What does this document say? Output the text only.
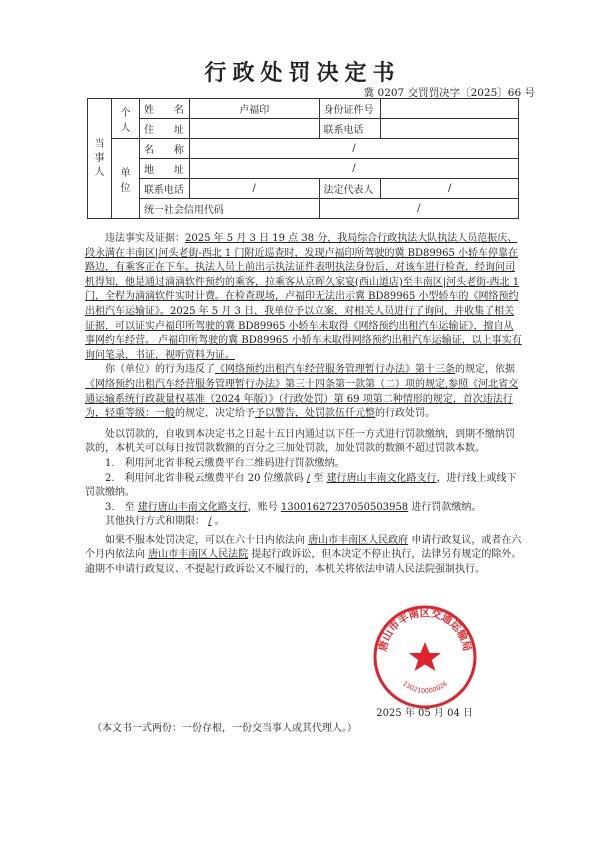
行政处罚决定书
冀 0207 交罚罚决字〔2025〕66 号
当事人	个人	姓　　名	卢福印	身份证件号	
		住　　址		联系电话	
	单位	名　　称	/		
		地　　址	/		
		联系电话	/	法定代表人	/
		统一社会信用代码		/	

违法事实及证据：2025 年 5 月 3 日 19 点 38 分，我局综合行政执法大队执法人员范振庆、段永满在丰南区|河头老街-西北 1 门附近巡查时，发现卢福印所驾驶的冀 BD89965 小轿车停靠在路边，有乘客正在下车。执法人员上前出示执法证件表明执法身份后，对该车进行检查，经询问司机得知，他是通过滴滴软件预约的乘客，拉乘客从京晖久家宴(西山道店)至丰南区|河头老街-西北 1 门，全程为滴滴软件实时计费。在检查现场，卢福印无法出示冀 BD89965 小型轿车的《网络预约出租汽车运输证》。2025 年 5 月 3 日，我单位予以立案，对相关人员进行了询问，并收集了相关证据，可以证实卢福印所驾驶的冀 BD89965 小轿车未取得《网络预约出租汽车运输证》，擅自从事网约车经营。 卢福印所驾驶的冀 BD89965 小轿车未取得网络预约出租汽车运输证，以上事实有询问笔录，书证，视听资料为证。

你（单位）的行为违反了《网络预约出租汽车经营服务管理暂行办法》第十三条的规定，依据《网络预约出租汽车经营服务管理暂行办法》第三十四条第一款第（二）项的规定,参照《河北省交通运输系统行政裁量权基准（2024 年版）》（行政处罚）第 69 项第二种情形的规定，首次违法行为，轻重等级：一般的规定，决定给予予以警告，处罚款伍仟元整的行政处罚。

处以罚款的，自收到本决定书之日起十五日内通过以下任一方式进行罚款缴纳，到期不缴纳罚款的，本机关可以每日按罚款数额的百分之三加处罚款，加处罚款的数额不超过罚款本数。

1.　利用河北省非税云缴费平台二维码进行罚款缴纳。

2.　利用河北省非税云缴费平台 20 位缴款码 / 至 建行唐山丰南文化路支行，进行线上或线下罚款缴纳。

3.　至 建行唐山丰南文化路支行，账号 13001627237050503958 进行罚款缴纳。

其他执行方式和期限： / 。

如果不服本处罚决定，可以在六十日内依法向 唐山市丰南区人民政府 申请行政复议，或者在六个月内依法向 唐山市丰南区人民法院 提起行政诉讼，但本决定不停止执行，法律另有规定的除外。逾期不申请行政复议、不提起行政诉讼又不履行的，本机关将依法申请人民法院强制执行。

唐山市丰南区交通运输局
130210000026
2025 年 05 月 04 日
（本文书一式两份：一份存根，一份交当事人或其代理人。）
